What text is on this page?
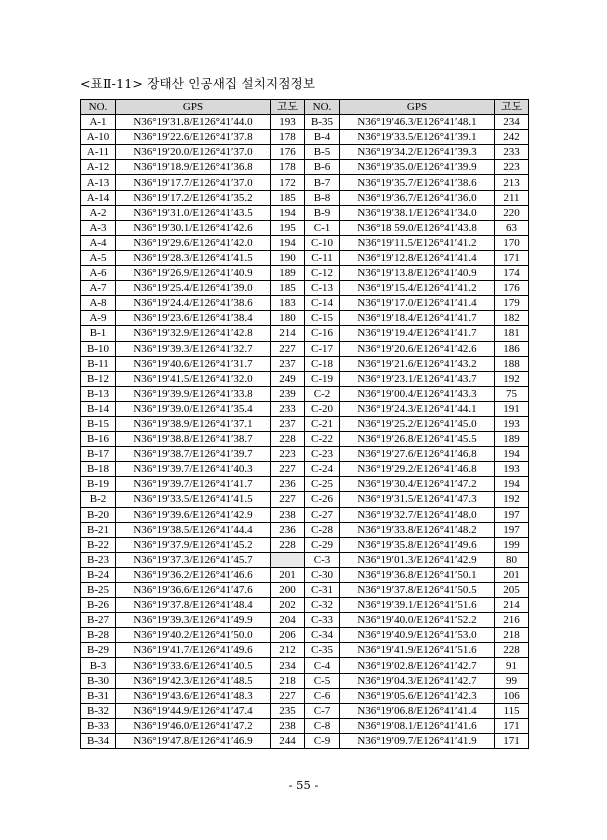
<표Ⅱ-11> 장태산 인공새집 설치지점정보
NO.	GPS	고도	NO.	GPS	고도
A-1	N36°19′31.8/E126°41′44.0	193	B-35	N36°19′46.3/E126°41′48.1	234
A-10	N36°19′22.6/E126°41′37.8	178	B-4	N36°19′33.5/E126°41′39.1	242
A-11	N36°19′20.0/E126°41′37.0	176	B-5	N36°19′34.2/E126°41′39.3	233
A-12	N36°19′18.9/E126°41′36.8	178	B-6	N36°19′35.0/E126°41′39.9	223
A-13	N36°19′17.7/E126°41′37.0	172	B-7	N36°19′35.7/E126°41′38.6	213
A-14	N36°19′17.2/E126°41′35.2	185	B-8	N36°19′36.7/E126°41′36.0	211
A-2	N36°19′31.0/E126°41′43.5	194	B-9	N36°19′38.1/E126°41′34.0	220
A-3	N36°19′30.1/E126°41′42.6	195	C-1	N36°18 59.0/E126°41′43.8	63
A-4	N36°19′29.6/E126°41′42.0	194	C-10	N36°19′11.5/E126°41′41.2	170
A-5	N36°19′28.3/E126°41′41.5	190	C-11	N36°19′12.8/E126°41′41.4	171
A-6	N36°19′26.9/E126°41′40.9	189	C-12	N36°19′13.8/E126°41′40.9	174
A-7	N36°19′25.4/E126°41′39.0	185	C-13	N36°19′15.4/E126°41′41.2	176
A-8	N36°19′24.4/E126°41′38.6	183	C-14	N36°19′17.0/E126°41′41.4	179
A-9	N36°19′23.6/E126°41′38.4	180	C-15	N36°19′18.4/E126°41′41.7	182
B-1	N36°19′32.9/E126°41′42.8	214	C-16	N36°19′19.4/E126°41′41.7	181
B-10	N36°19′39.3/E126°41′32.7	227	C-17	N36°19′20.6/E126°41′42.6	186
B-11	N36°19′40.6/E126°41′31.7	237	C-18	N36°19′21.6/E126°41′43.2	188
B-12	N36°19′41.5/E126°41′32.0	249	C-19	N36°19′23.1/E126°41′43.7	192
B-13	N36°19′39.9/E126°41′33.8	239	C-2	N36°19′00.4/E126°41′43.3	75
B-14	N36°19′39.0/E126°41′35.4	233	C-20	N36°19′24.3/E126°41′44.1	191
B-15	N36°19′38.9/E126°41′37.1	237	C-21	N36°19′25.2/E126°41′45.0	193
B-16	N36°19′38.8/E126°41′38.7	228	C-22	N36°19′26.8/E126°41′45.5	189
B-17	N36°19′38.7/E126°41′39.7	223	C-23	N36°19′27.6/E126°41′46.8	194
B-18	N36°19′39.7/E126°41′40.3	227	C-24	N36°19′29.2/E126°41′46.8	193
B-19	N36°19′39.7/E126°41′41.7	236	C-25	N36°19′30.4/E126°41′47.2	194
B-2	N36°19′33.5/E126°41′41.5	227	C-26	N36°19′31.5/E126°41′47.3	192
B-20	N36°19′39.6/E126°41′42.9	238	C-27	N36°19′32.7/E126°41′48.0	197
B-21	N36°19′38.5/E126°41′44.4	236	C-28	N36°19′33.8/E126°41′48.2	197
B-22	N36°19′37.9/E126°41′45.2	228	C-29	N36°19′35.8/E126°41′49.6	199
B-23	N36°19′37.3/E126°41′45.7		C-3	N36°19′01.3/E126°41′42.9	80
B-24	N36°19′36.2/E126°41′46.6	201	C-30	N36°19′36.8/E126°41′50.1	201
B-25	N36°19′36.6/E126°41′47.6	200	C-31	N36°19′37.8/E126°41′50.5	205
B-26	N36°19′37.8/E126°41′48.4	202	C-32	N36°19′39.1/E126°41′51.6	214
B-27	N36°19′39.3/E126°41′49.9	204	C-33	N36°19′40.0/E126°41′52.2	216
B-28	N36°19′40.2/E126°41′50.0	206	C-34	N36°19′40.9/E126°41′53.0	218
B-29	N36°19′41.7/E126°41′49.6	212	C-35	N36°19′41.9/E126°41′51.6	228
B-3	N36°19′33.6/E126°41′40.5	234	C-4	N36°19′02.8/E126°41′42.7	91
B-30	N36°19′42.3/E126°41′48.5	218	C-5	N36°19′04.3/E126°41′42.7	99
B-31	N36°19′43.6/E126°41′48.3	227	C-6	N36°19′05.6/E126°41′42.3	106
B-32	N36°19′44.9/E126°41′47.4	235	C-7	N36°19′06.8/E126°41′41.4	115
B-33	N36°19′46.0/E126°41′47.2	238	C-8	N36°19′08.1/E126°41′41.6	171
B-34	N36°19′47.8/E126°41′46.9	244	C-9	N36°19′09.7/E126°41′41.9	171
- 55 -
